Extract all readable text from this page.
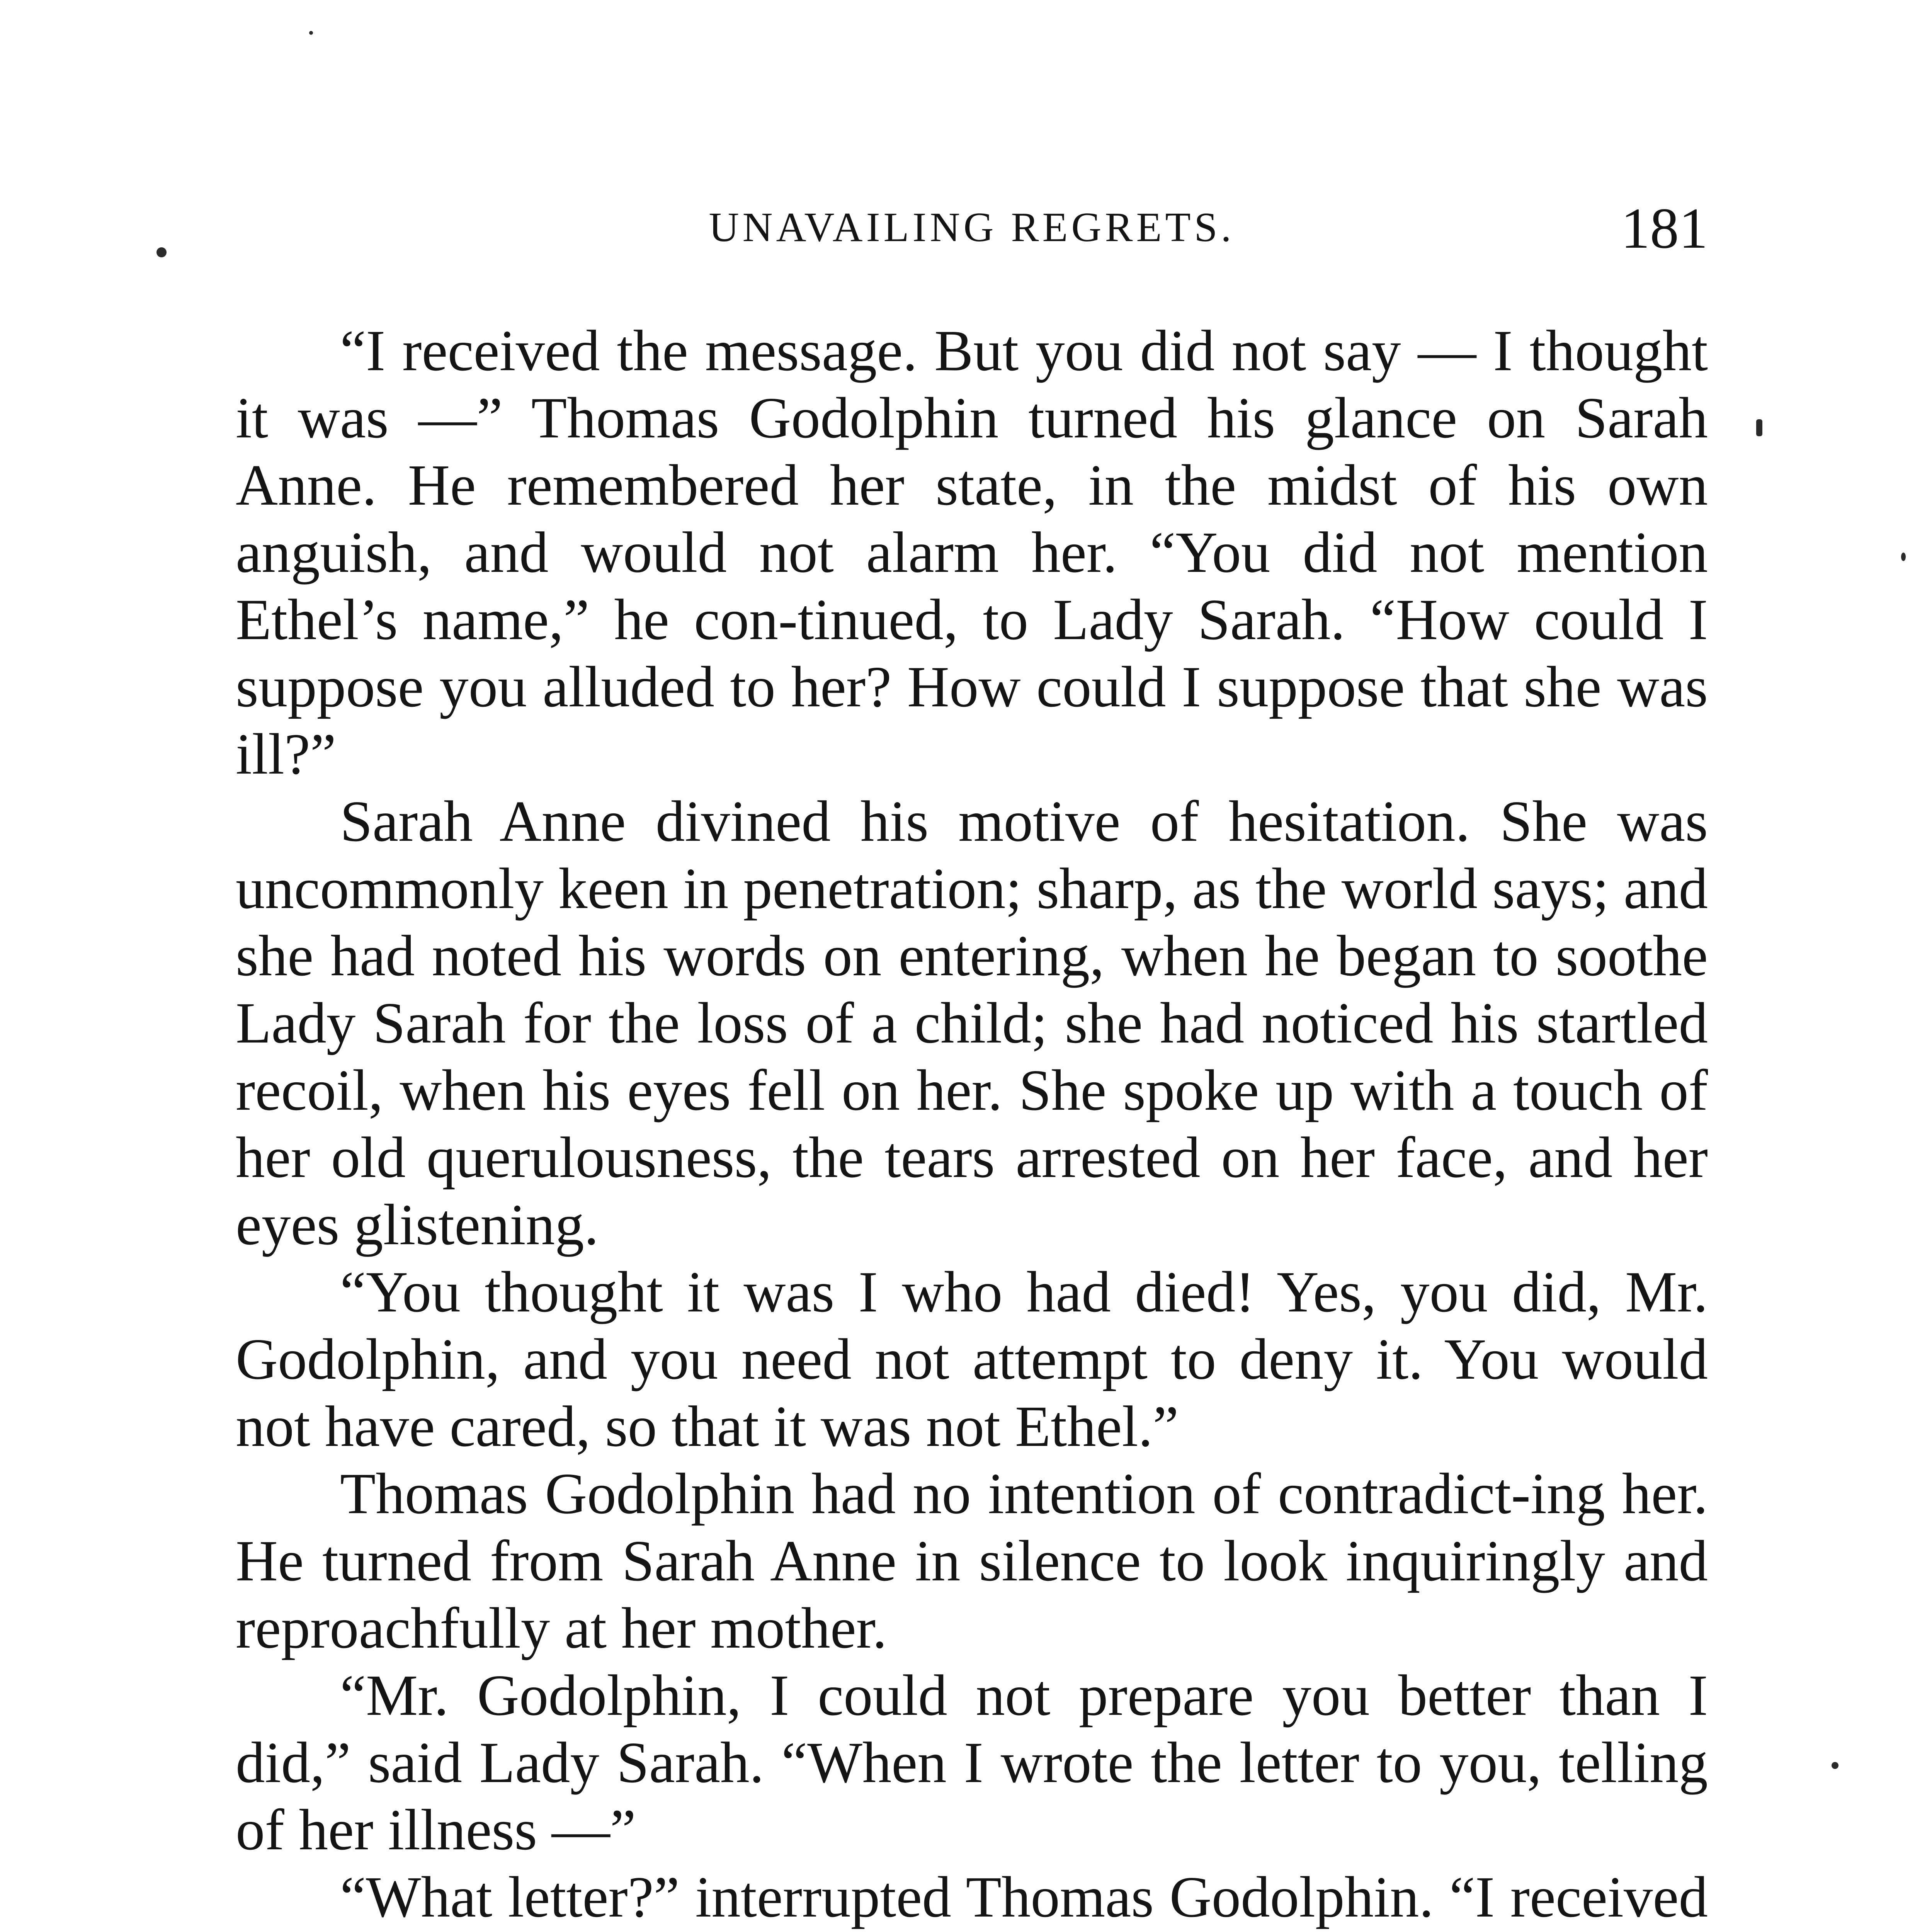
UNAVAILING REGRETS.	181

“I received the message. But you did not say — I thought it was —” Thomas Godolphin turned his glance on Sarah Anne. He remembered her state, in the midst of his own anguish, and would not alarm her. “You did not mention Ethel’s name,” he con-tinued, to Lady Sarah. “How could I suppose you alluded to her? How could I suppose that she was ill?”

Sarah Anne divined his motive of hesitation. She was uncommonly keen in penetration; sharp, as the world says; and she had noted his words on entering, when he began to soothe Lady Sarah for the loss of a child; she had noticed his startled recoil, when his eyes fell on her. She spoke up with a touch of her old querulousness, the tears arrested on her face, and her eyes glistening.

“You thought it was I who had died! Yes, you did, Mr. Godolphin, and you need not attempt to deny it. You would not have cared, so that it was not Ethel.”

Thomas Godolphin had no intention of contradict-ing her. He turned from Sarah Anne in silence to look inquiringly and reproachfully at her mother.

“Mr. Godolphin, I could not prepare you better than I did,” said Lady Sarah. “When I wrote the letter to you, telling of her illness —”

“What letter?” interrupted Thomas Godolphin. “I received
